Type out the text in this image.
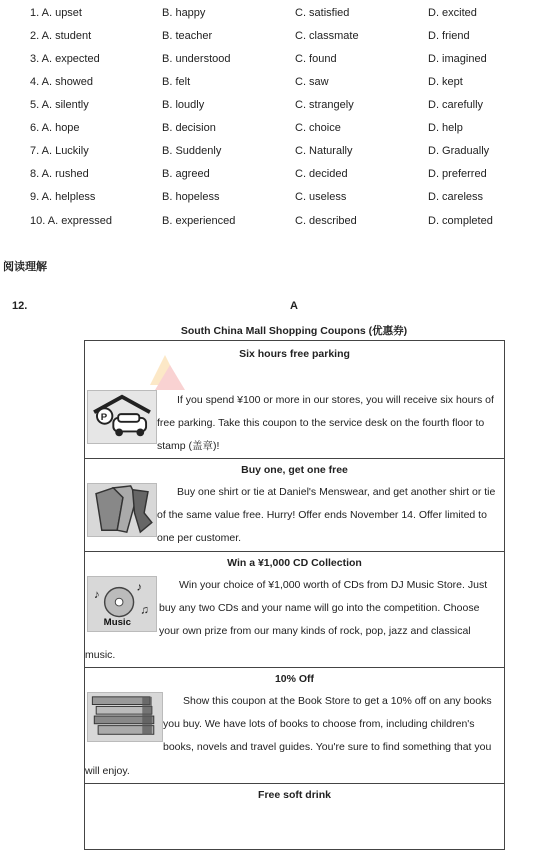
1. A. upset	B. happy	C. satisfied	D. excited
2. A. student	B. teacher	C. classmate	D. friend
3. A. expected	B. understood	C. found	D. imagined
4. A. showed	B. felt	C. saw	D. kept
5. A. silently	B. loudly	C. strangely	D. carefully
6. A. hope	B. decision	C. choice	D. help
7. A. Luckily	B. Suddenly	C. Naturally	D. Gradually
8. A. rushed	B. agreed	C. decided	D. preferred
9. A. helpless	B. hopeless	C. useless	D. careless
10. A. expressed	B. experienced	C. described	D. completed
阅读理解
12.	A
South China Mall Shopping Coupons (优惠券)
Six hours free parking
P
If you spend ¥100 or more in our stores, you will receive six hours of
free parking. Take this coupon to the service desk on the fourth floor to
stamp (盖章)!
Buy one, get one free
Buy one shirt or tie at Daniel's Menswear, and get another shirt or tie
of the same value free. Hurry! Offer ends November 14. Offer limited to
one per customer.
Win a ¥1,000 CD Collection
♪
♪
♫
Music
Win your choice of ¥1,000 worth of CDs from DJ Music Store. Just
buy any two CDs and your name will go into the competition. Choose
your own prize from our many kinds of rock, pop, jazz and classical
music.
10% Off
Show this coupon at the Book Store to get a 10% off on any books
you buy. We have lots of books to choose from, including children's
books, novels and travel guides. You're sure to find something that you
will enjoy.
Free soft drink
